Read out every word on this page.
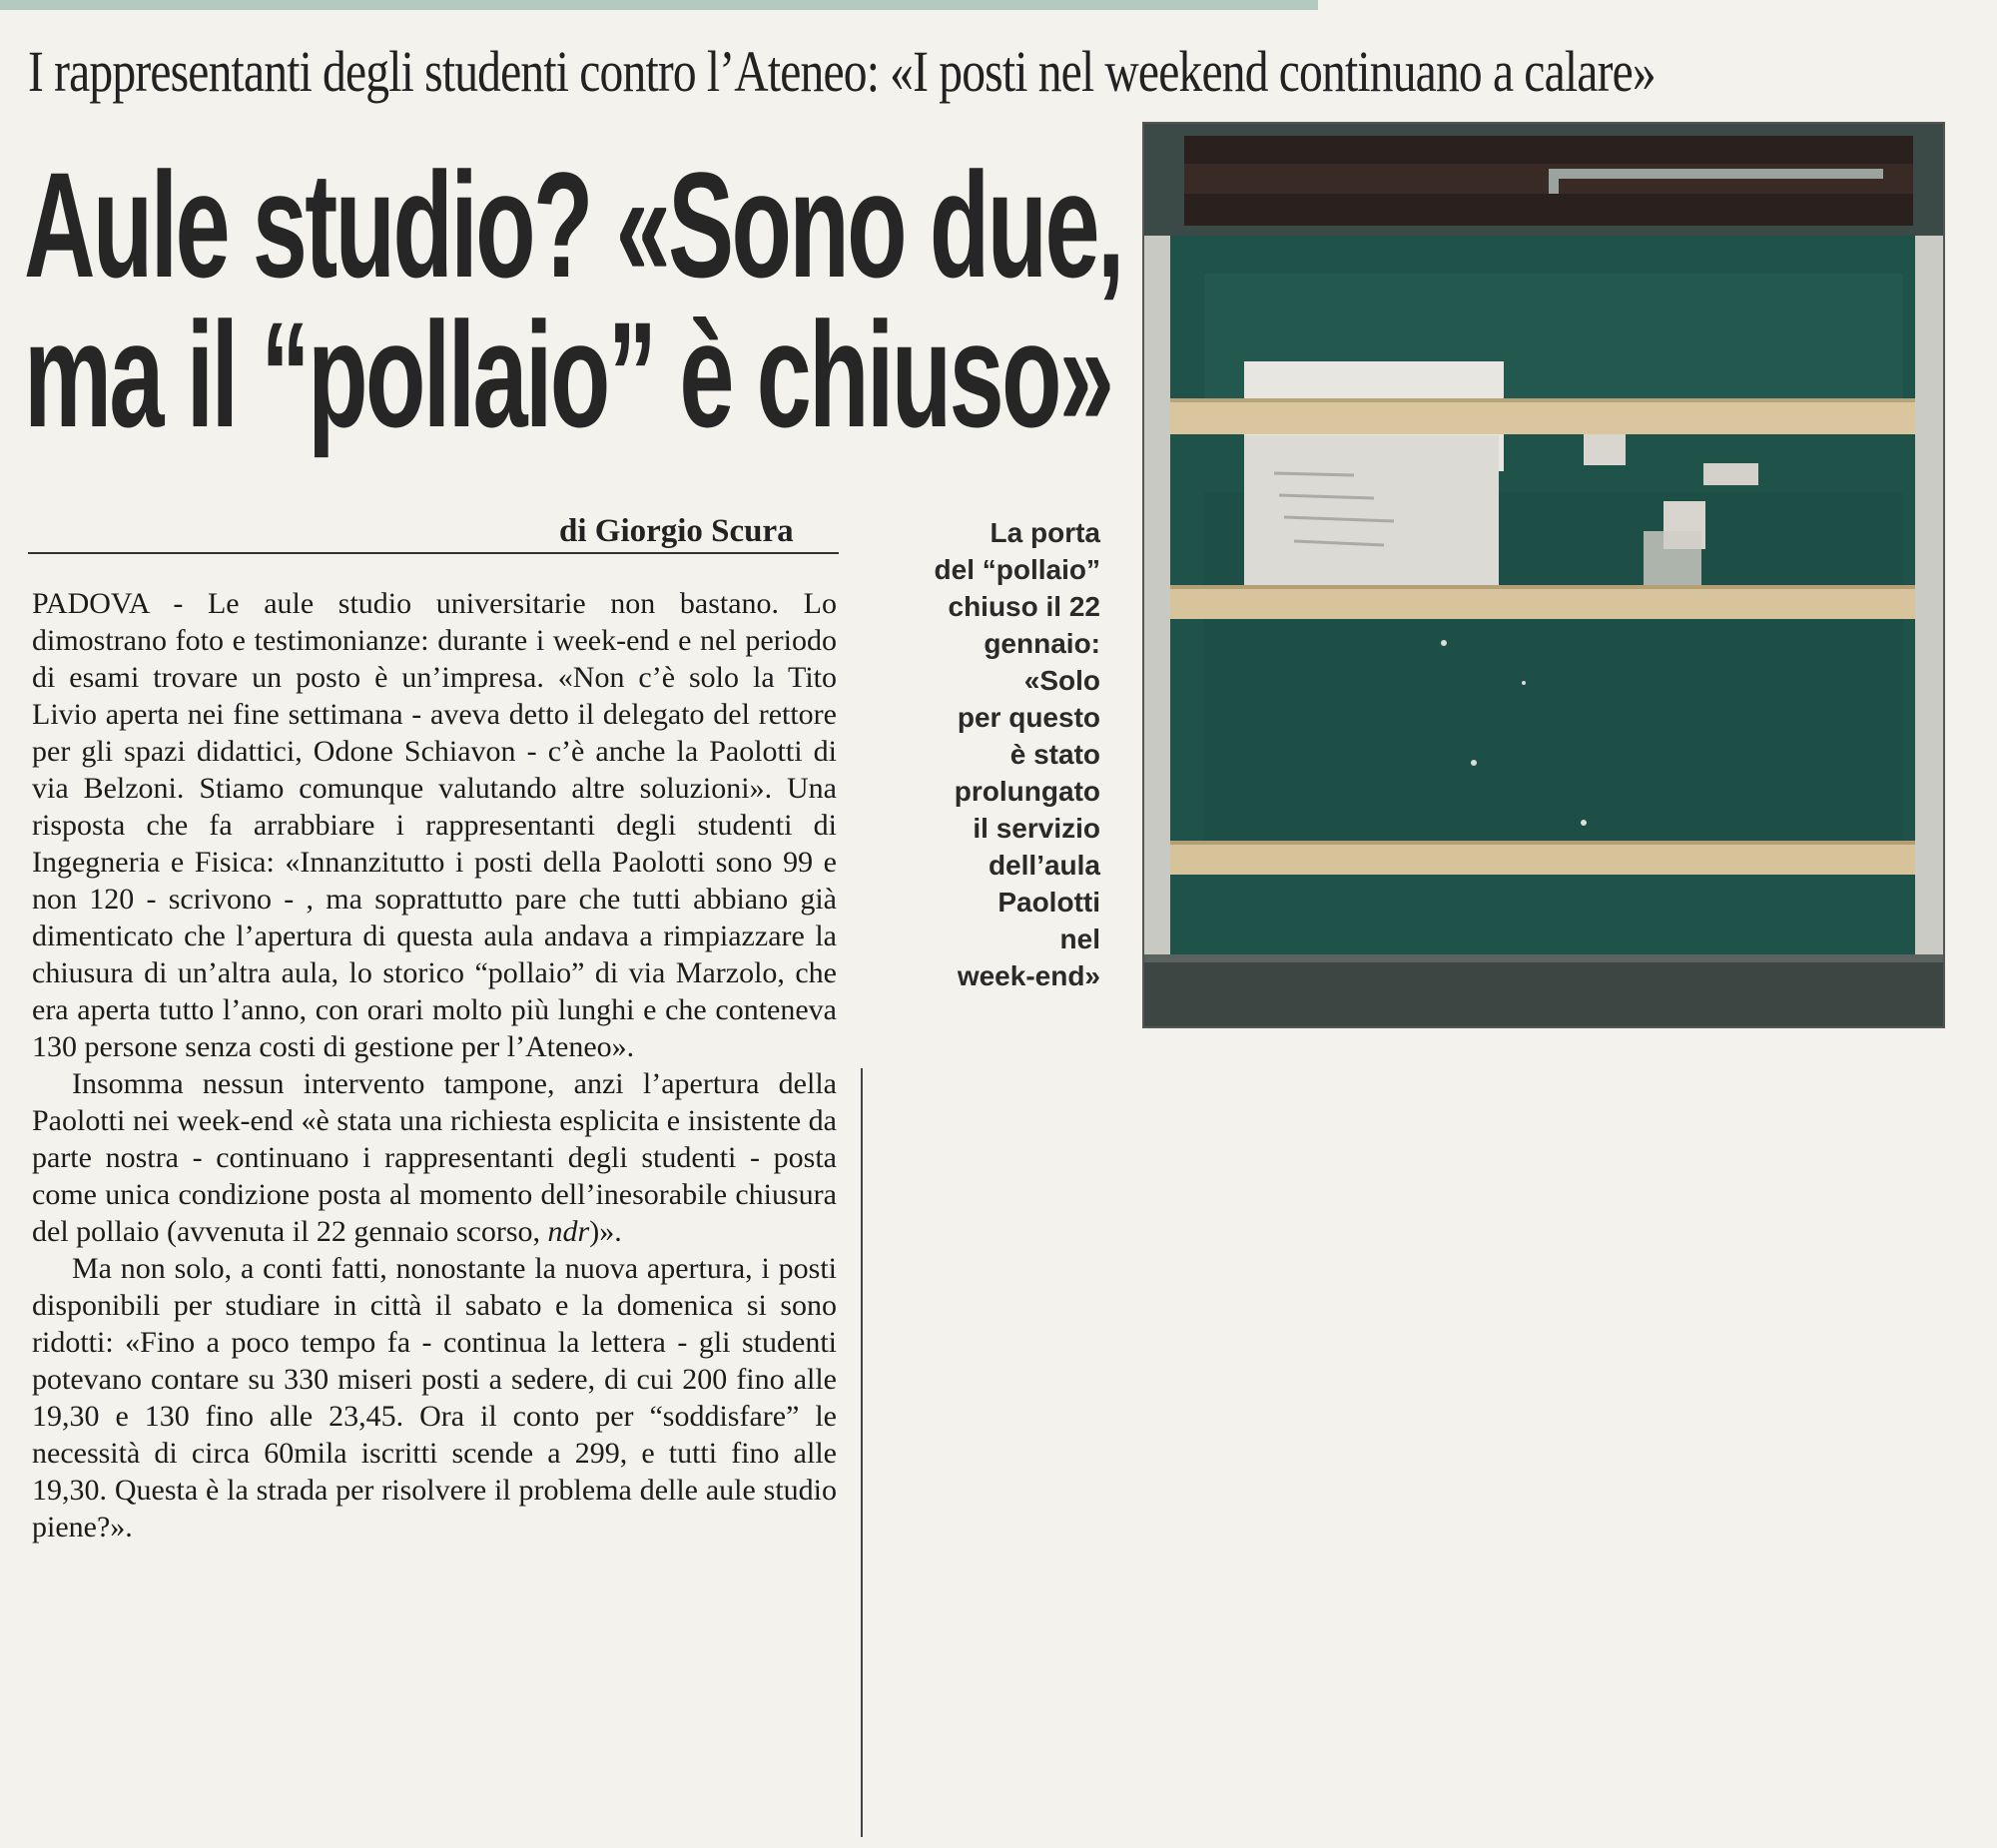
I rappresentanti degli studenti contro l’Ateneo: «I posti nel weekend continuano a calare»
Aule studio? «Sono due,
ma il “pollaio” è chiuso»
di Giorgio Scura

PADOVA - Le aule studio universitarie non bastano. Lo dimostrano foto e testimonianze: durante i week-end e nel periodo di esami trovare un posto è un’impresa. «Non c’è solo la Tito Livio aperta nei fine settimana - aveva detto il delegato del rettore per gli spazi didattici, Odone Schiavon - c’è anche la Paolotti di via Belzoni. Stiamo comunque valutando altre soluzioni». Una risposta che fa arrabbiare i rappresentanti degli studenti di Ingegneria e Fisica: «Innanzitutto i posti della Paolotti sono 99 e non 120 - scrivono - , ma soprattutto pare che tutti abbiano già dimenticato che l’apertura di questa aula andava a rimpiazzare la chiusura di un’altra aula, lo storico “pollaio” di via Marzolo, che era aperta tutto l’anno, con orari molto più lunghi e che conteneva 130 persone senza costi di gestione per l’Ateneo».

Insomma nessun intervento tampone, anzi l’apertura della Paolotti nei week-end «è stata una richiesta esplicita e insistente da parte nostra - continuano i rappresentanti degli studenti - posta come unica condizione posta al momento dell’inesorabile chiusura del pollaio (avvenuta il 22 gennaio scorso, ndr)».

Ma non solo, a conti fatti, nonostante la nuova apertura, i posti disponibili per studiare in città il sabato e la domenica si sono ridotti: «Fino a poco tempo fa - continua la lettera - gli studenti potevano contare su 330 miseri posti a sedere, di cui 200 fino alle 19,30 e 130 fino alle 23,45. Ora il conto per “soddisfare” le necessità di circa 60mila iscritti scende a 299, e tutti fino alle 19,30. Questa è la strada per risolvere il problema delle aule studio piene?».

La porta
del “pollaio”
chiuso il 22
gennaio:
«Solo
per questo
è stato
prolungato
il servizio
dell’aula
Paolotti
nel
week-end»
